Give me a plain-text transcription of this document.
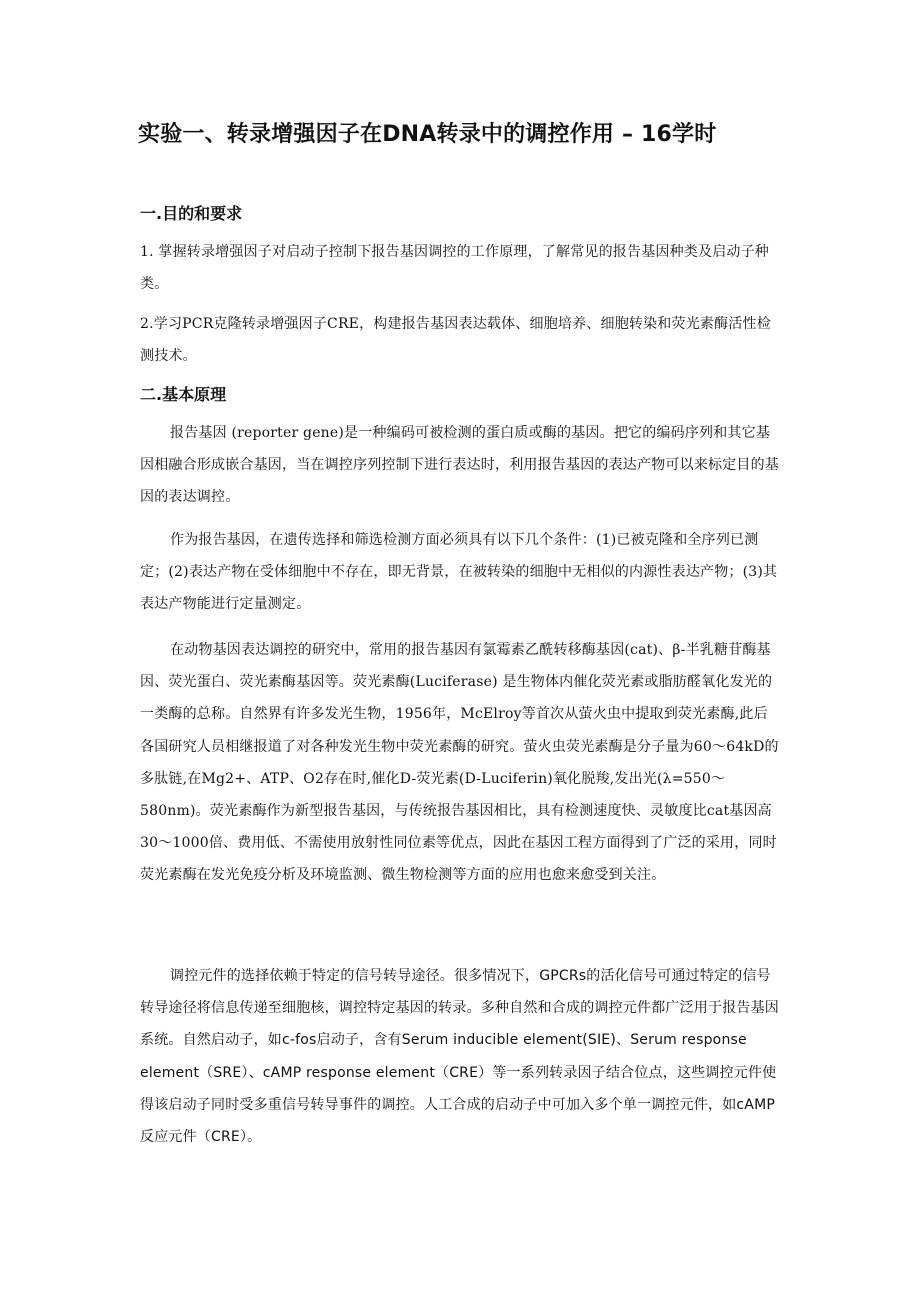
实验一、转录增强因子在DNA转录中的调控作用 – 16学时
一.目的和要求

1. 掌握转录增强因子对启动子控制下报告基因调控的工作原理，了解常见的报告基因种类及启动子种类。

2.学习PCR克隆转录增强因子CRE，构建报告基因表达载体、细胞培养、细胞转染和荧光素酶活性检测技术。

二.基本原理

报告基因 (reporter gene)是一种编码可被检测的蛋白质或酶的基因。把它的编码序列和其它基因相融合形成嵌合基因，当在调控序列控制下进行表达时，利用报告基因的表达产物可以来标定目的基因的表达调控。

作为报告基因，在遗传选择和筛选检测方面必须具有以下几个条件：(1)已被克隆和全序列已测定；(2)表达产物在受体细胞中不存在，即无背景，在被转染的细胞中无相似的内源性表达产物；(3)其表达产物能进行定量测定。

在动物基因表达调控的研究中，常用的报告基因有氯霉素乙酰转移酶基因(cat)、β-半乳糖苷酶基因、荧光蛋白、荧光素酶基因等。荧光素酶(Luciferase) 是生物体内催化荧光素或脂肪醛氧化发光的一类酶的总称。自然界有许多发光生物，1956年，McElroy等首次从萤火虫中提取到荧光素酶,此后各国研究人员相继报道了对各种发光生物中荧光素酶的研究。萤火虫荧光素酶是分子量为60～64kD的多肽链,在Mg2+、ATP、O2存在时,催化D-荧光素(D-Luciferin)氧化脱羧,发出光(λ=550～580nm)。荧光素酶作为新型报告基因，与传统报告基因相比，具有检测速度快、灵敏度比cat基因高30～1000倍、费用低、不需使用放射性同位素等优点，因此在基因工程方面得到了广泛的采用，同时荧光素酶在发光免疫分析及环境监测、微生物检测等方面的应用也愈来愈受到关注。

调控元件的选择依赖于特定的信号转导途径。很多情况下，GPCRs的活化信号可通过特定的信号转导途径将信息传递至细胞核，调控特定基因的转录。多种自然和合成的调控元件都广泛用于报告基因系统。自然启动子，如c-fos启动子，含有Serum inducible element(SIE)、Serum response element（SRE）、cAMP response element（CRE）等一系列转录因子结合位点，这些调控元件使得该启动子同时受多重信号转导事件的调控。人工合成的启动子中可加入多个单一调控元件，如cAMP反应元件（CRE）。
